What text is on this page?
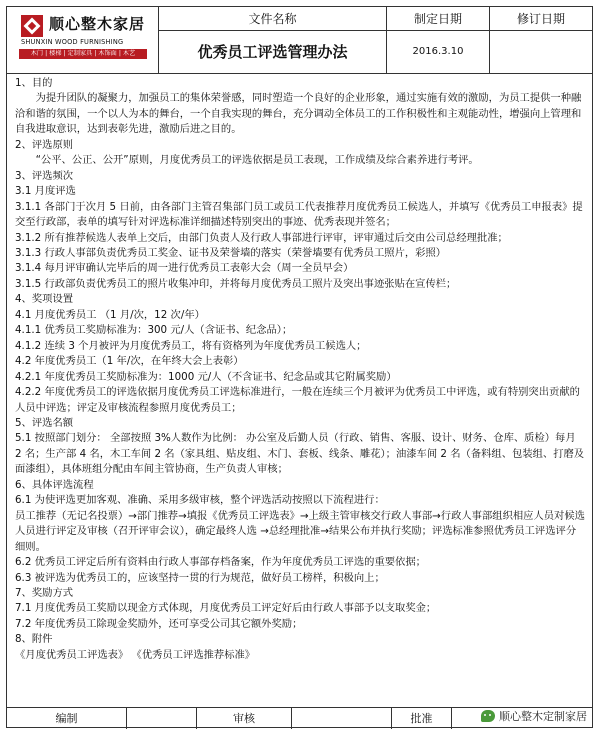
顺心整木家居
SHUNXIN WOOD FURNISHING
木门 | 楼梯 | 定制家具 | 木饰面 | 木艺
文件名称	制定日期	修订日期
优秀员工评选管理办法	2016.3.10

1、目的

为提升团队的凝聚力，加强员工的集体荣誉感，同时塑造一个良好的企业形象，通过实施有效的激励，为员工提供一种融洽和谐的氛围，一个以人为本的舞台，一个自我实现的舞台，充分调动全体员工的工作积极性和主观能动性，增强向上管理和自我进取意识，达到表彰先进，激励后进之目的。

2、评选原则

“公平、公正、公开”原则，月度优秀员工的评选依据是员工表现，工作成绩及综合素养进行考评。

3、评选频次

3.1 月度评选

3.1.1 各部门于次月 5 日前，由各部门主管召集部门员工或员工代表推荐月度优秀员工候选人，并填写《优秀员工申报表》提交至行政部，表单的填写针对评选标准详细描述特别突出的事迹、优秀表现并签名；

3.1.2 所有推荐候选人表单上交后，由部门负责人及行政人事部进行评审，评审通过后交由公司总经理批准；

3.1.3 行政人事部负责优秀员工奖金、证书及荣誉墙的落实（荣誉墙要有优秀员工照片，彩照）

3.1.4 每月评审确认完毕后的周一进行优秀员工表彰大会（周一全员早会）

3.1.5 行政部负责优秀员工的照片收集冲印，并将每月度优秀员工照片及突出事迹张贴在宣传栏；

4、奖项设置

4.1 月度优秀员工 （1 月/次，12 次/年）

4.1.1 优秀员工奖励标准为：300 元/人（含证书、纪念品）；

4.1.2 连续 3 个月被评为月度优秀员工，将有资格列为年度优秀员工候选人；

4.2 年度优秀员工（1 年/次，在年终大会上表彰）

4.2.1 年度优秀员工奖励标准为：1000 元/人（不含证书、纪念品或其它附属奖励）

4.2.2 年度优秀员工的评选依据月度优秀员工评选标准进行，一般在连续三个月被评为优秀员工中评选，或有特别突出贡献的人员中评选；评定及审核流程参照月度优秀员工；

5、评选名额

5.1 按照部门划分： 全部按照 3%人数作为比例： 办公室及后勤人员（行政、销售、客服、设计、财务、仓库、质检）每月 2 名；生产部 4 名，木工车间 2 名（家具组、贴皮组、木门、套板、线条、雕花）；油漆车间 2 名（备料组、包装组、打磨及面漆组），具体班组分配由车间主管协商，生产负责人审核；

6、具体评选流程

6.1 为使评选更加客观、准确、采用多级审核，整个评选活动按照以下流程进行：

员工推荐（无记名投票）→部门推荐→填报《优秀员工评选表》→上级主管审核交行政人事部→行政人事部组织相应人员对候选人员进行评定及审核（召开评审会议），确定最终人选 →总经理批准→结果公布并执行奖励；评选标准参照优秀员工评选评分细则。

6.2 优秀员工评定后所有资料由行政人事部存档备案，作为年度优秀员工评选的重要依据；

6.3 被评选为优秀员工的，应该坚持一贯的行为规范，做好员工榜样，积极向上；

7、奖励方式

7.1 月度优秀员工奖励以现金方式体现，月度优秀员工评定好后由行政人事部予以支取奖金；

7.2 年度优秀员工除现金奖励外，还可享受公司其它额外奖励；

8、附件

《月度优秀员工评选表》 《优秀员工评选推荐标准》

编制	审核	批准	顺心整木定制家居
